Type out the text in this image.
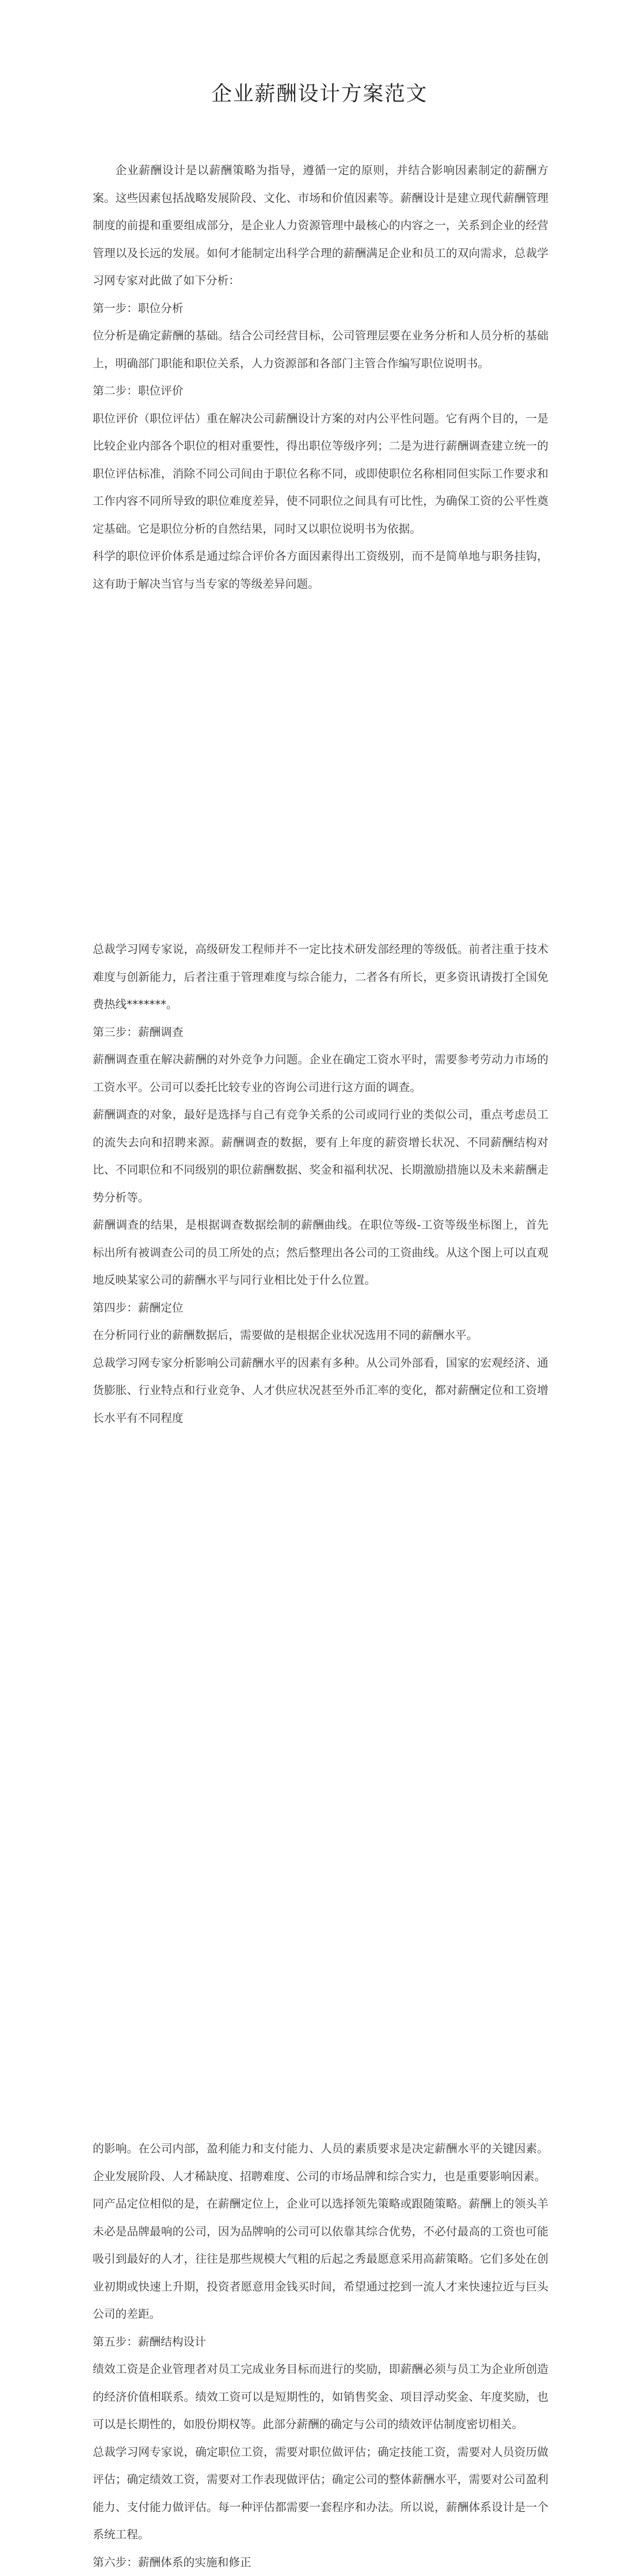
企业薪酬设计方案范文

企业薪酬设计是以薪酬策略为指导，遵循一定的原则，并结合影响因素制定的薪酬方案。这些因素包括战略发展阶段、文化、市场和价值因素等。薪酬设计是建立现代薪酬管理制度的前提和重要组成部分，是企业人力资源管理中最核心的内容之一，关系到企业的经营管理以及长远的发展。如何才能制定出科学合理的薪酬满足企业和员工的双向需求，总裁学习网专家对此做了如下分析：

第一步：职位分析

位分析是确定薪酬的基础。结合公司经营目标，公司管理层要在业务分析和人员分析的基础上，明确部门职能和职位关系，人力资源部和各部门主管合作编写职位说明书。

第二步：职位评价

职位评价（职位评估）重在解决公司薪酬设计方案的对内公平性问题。它有两个目的，一是比较企业内部各个职位的相对重要性，得出职位等级序列；二是为进行薪酬调查建立统一的职位评估标准，消除不同公司间由于职位名称不同，或即使职位名称相同但实际工作要求和工作内容不同所导致的职位难度差异，使不同职位之间具有可比性，为确保工资的公平性奠定基础。它是职位分析的自然结果，同时又以职位说明书为依据。

科学的职位评价体系是通过综合评价各方面因素得出工资级别，而不是简单地与职务挂钩，这有助于解决当官与当专家的等级差异问题。

总裁学习网专家说，高级研发工程师并不一定比技术研发部经理的等级低。前者注重于技术难度与创新能力，后者注重于管理难度与综合能力，二者各有所长，更多资讯请拨打全国免费热线*******。

第三步：薪酬调查

薪酬调查重在解决薪酬的对外竞争力问题。企业在确定工资水平时，需要参考劳动力市场的工资水平。公司可以委托比较专业的咨询公司进行这方面的调查。

薪酬调查的对象，最好是选择与自己有竞争关系的公司或同行业的类似公司，重点考虑员工的流失去向和招聘来源。薪酬调查的数据，要有上年度的薪资增长状况、不同薪酬结构对比、不同职位和不同级别的职位薪酬数据、奖金和福利状况、长期激励措施以及未来薪酬走势分析等。

薪酬调查的结果，是根据调查数据绘制的薪酬曲线。在职位等级-工资等级坐标图上，首先标出所有被调查公司的员工所处的点；然后整理出各公司的工资曲线。从这个图上可以直观地反映某家公司的薪酬水平与同行业相比处于什么位置。

第四步：薪酬定位

在分析同行业的薪酬数据后，需要做的是根据企业状况选用不同的薪酬水平。

总裁学习网专家分析影响公司薪酬水平的因素有多种。从公司外部看，国家的宏观经济、通货膨胀、行业特点和行业竞争、人才供应状况甚至外币汇率的变化，都对薪酬定位和工资增长水平有不同程度

的影响。在公司内部，盈利能力和支付能力、人员的素质要求是决定薪酬水平的关键因素。企业发展阶段、人才稀缺度、招聘难度、公司的市场品牌和综合实力，也是重要影响因素。

同产品定位相似的是，在薪酬定位上，企业可以选择领先策略或跟随策略。薪酬上的领头羊未必是品牌最响的公司，因为品牌响的公司可以依靠其综合优势，不必付最高的工资也可能吸引到最好的人才，往往是那些规模大气粗的后起之秀最愿意采用高薪策略。它们多处在创业初期或快速上升期，投资者愿意用金钱买时间，希望通过挖到一流人才来快速拉近与巨头公司的差距。

第五步：薪酬结构设计

绩效工资是企业管理者对员工完成业务目标而进行的奖励，即薪酬必须与员工为企业所创造的经济价值相联系。绩效工资可以是短期性的，如销售奖金、项目浮动奖金、年度奖励，也可以是长期性的，如股份期权等。此部分薪酬的确定与公司的绩效评估制度密切相关。

总裁学习网专家说，确定职位工资，需要对职位做评估；确定技能工资，需要对人员资历做评估；确定绩效工资，需要对工作表现做评估；确定公司的整体薪酬水平，需要对公司盈利能力、支付能力做评估。每一种评估都需要一套程序和办法。所以说，薪酬体系设计是一个系统工程。

第六步：薪酬体系的实施和修正
